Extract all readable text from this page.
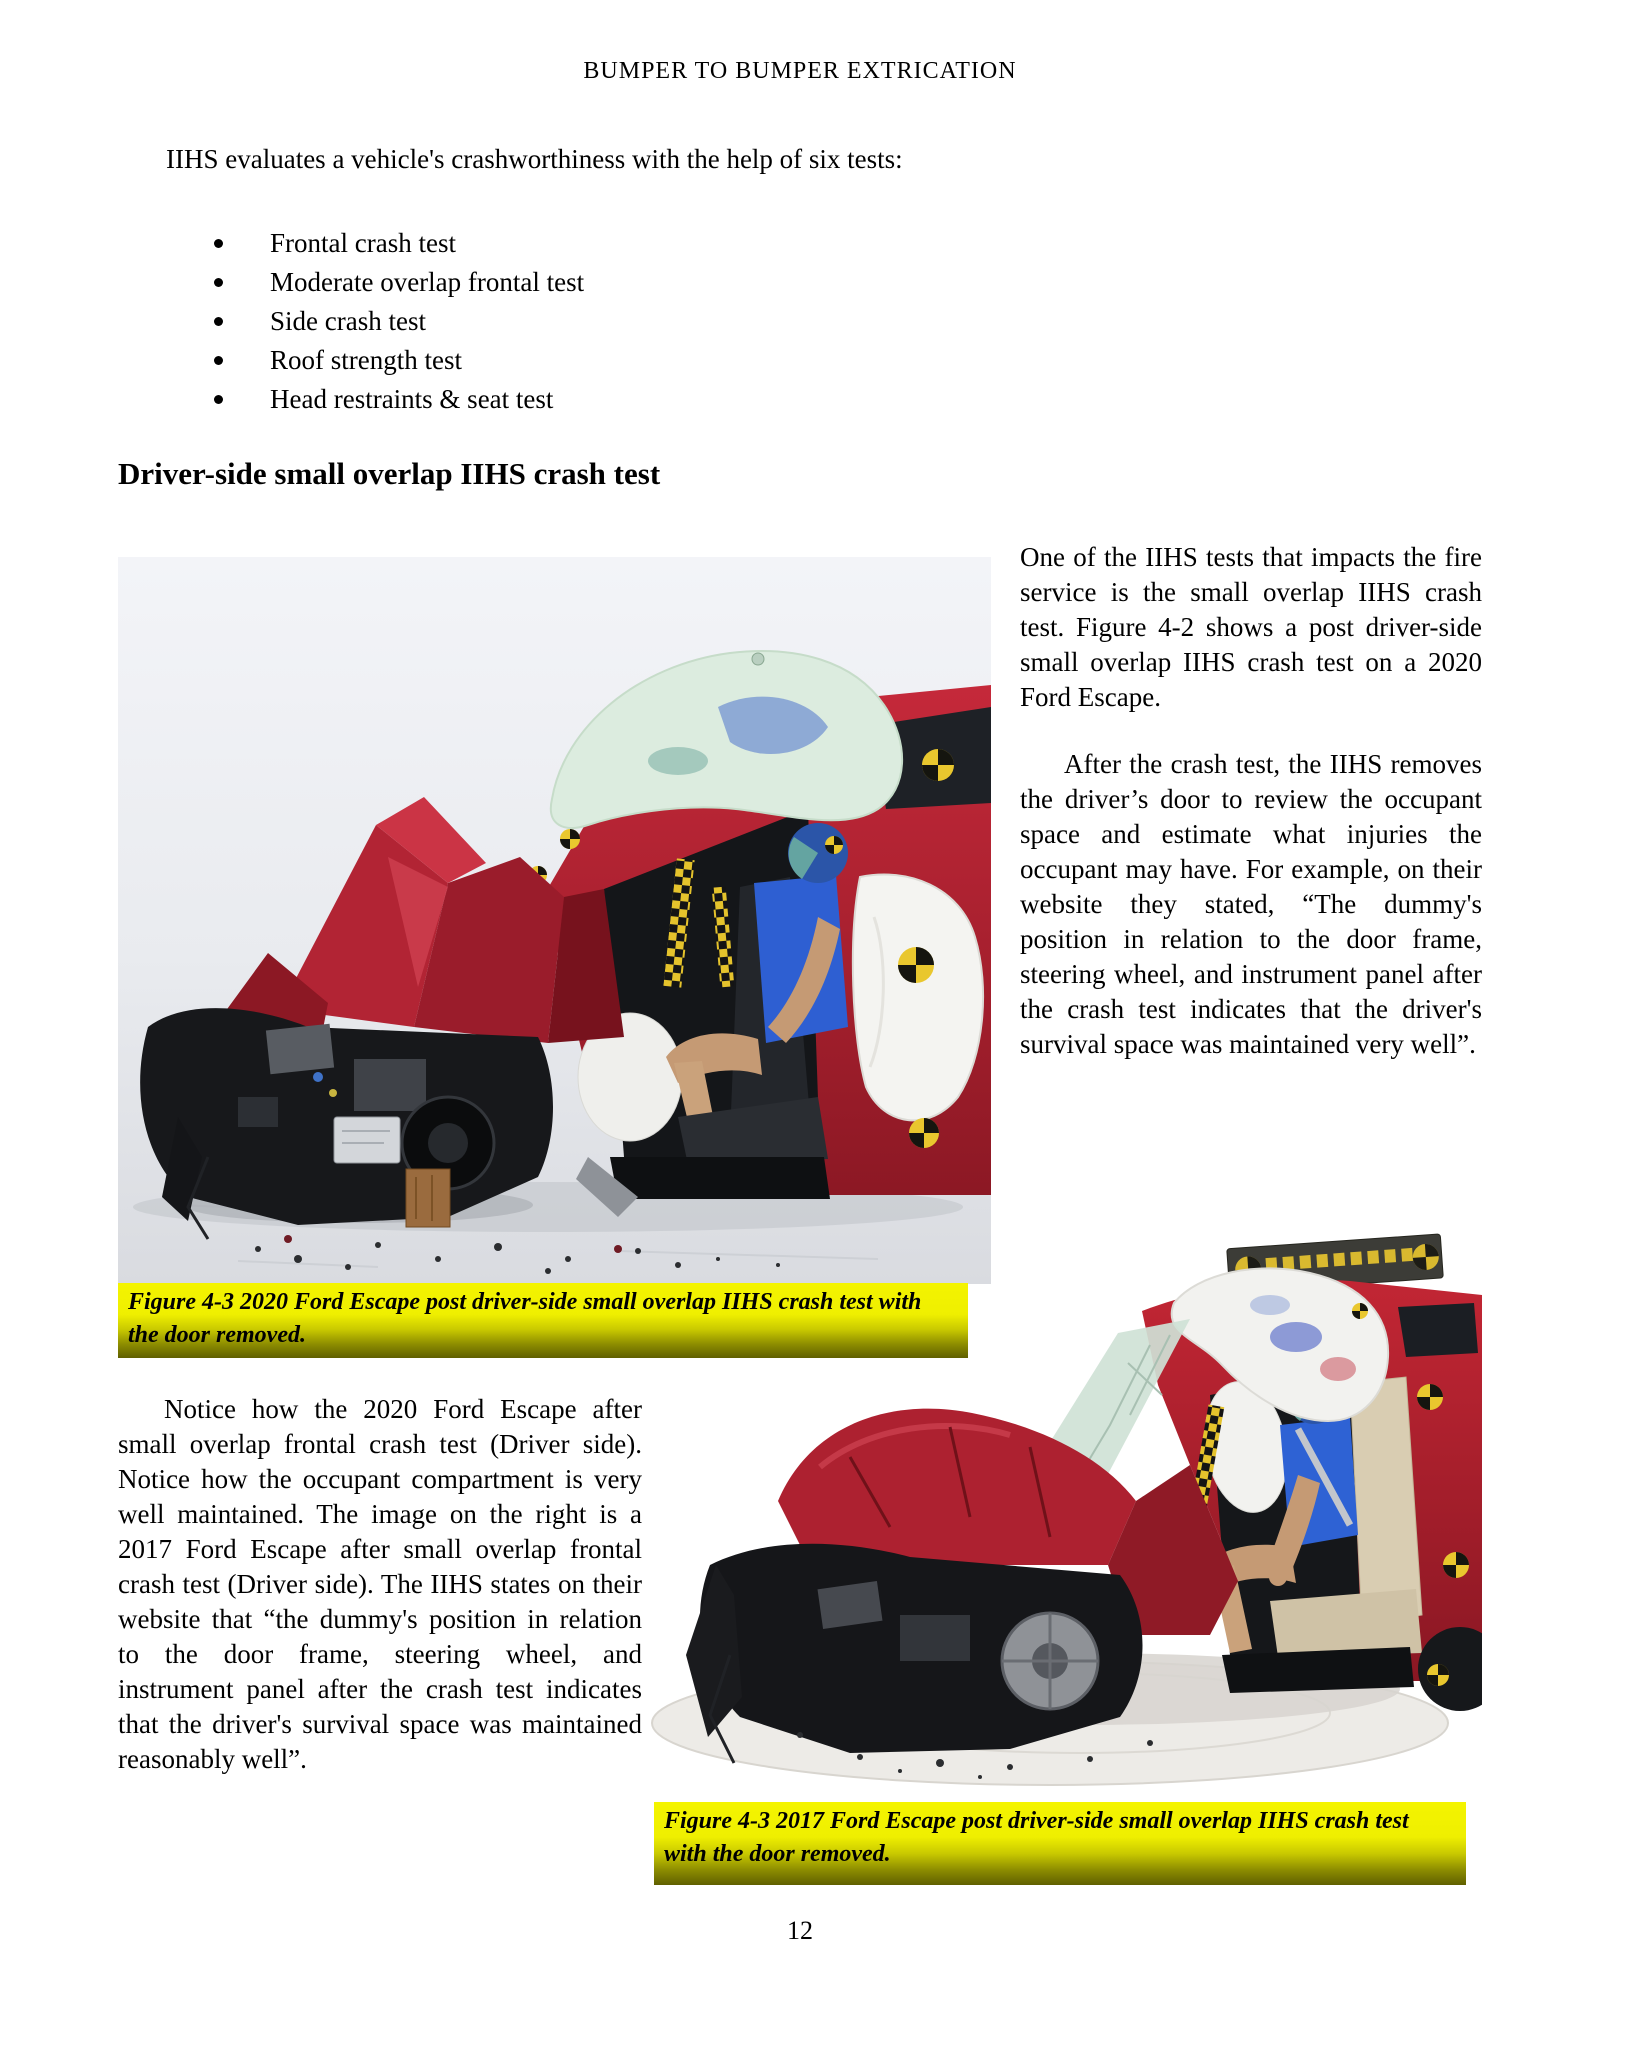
BUMPER TO BUMPER EXTRICATION
IIHS evaluates a vehicle's crashworthiness with the help of six tests:
Frontal crash test
Moderate overlap frontal test
Side crash test
Roof strength test
Head restraints & seat test
Driver-side small overlap IIHS crash test

One of the IIHS tests that impacts the fire service is the small overlap IIHS crash test. Figure 4-2 shows a post driver-side small overlap IIHS crash test on a 2020 Ford Escape.

After the crash test, the IIHS removes the driver’s door to review the occupant space and estimate what injuries the occupant may have. For example, on their website they stated, “The dummy's position in relation to the door frame, steering wheel, and instrument panel after the crash test indicates that the driver's survival space was maintained very well”.

Figure 4-3 2020 Ford Escape post driver-side small overlap IIHS crash test with the door removed.

Notice how the 2020 Ford Escape after small overlap frontal crash test (Driver side). Notice how the occupant compartment is very well maintained. The image on the right is a 2017 Ford Escape after small overlap frontal crash test (Driver side). The IIHS states on their website that “the dummy's position in relation to the door frame, steering wheel, and instrument panel after the crash test indicates that the driver's survival space was maintained reasonably well”.

Figure 4-3 2017 Ford Escape post driver-side small overlap IIHS crash test with the door removed.
12
